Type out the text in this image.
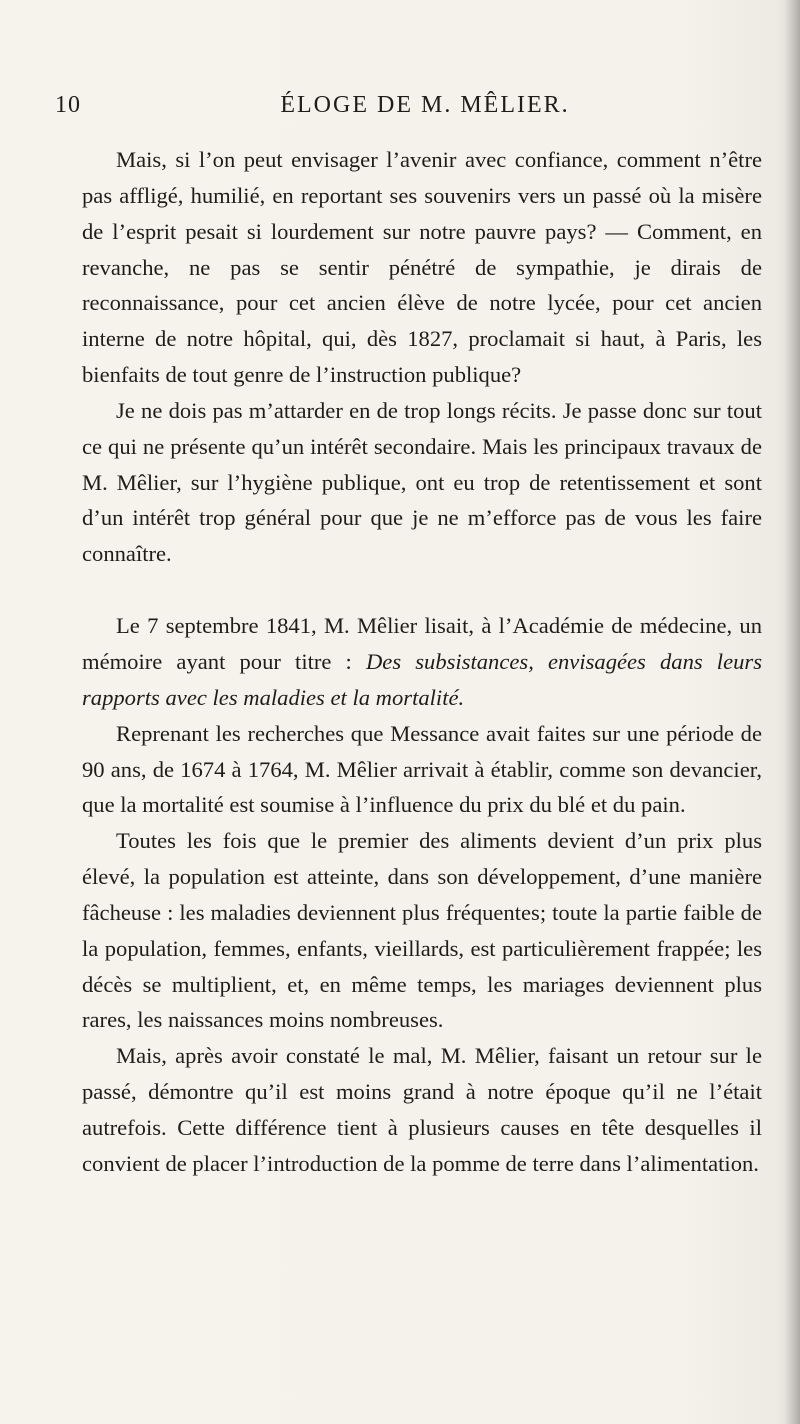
10	ÉLOGE DE M. MÊLIER.

Mais, si l’on peut envisager l’avenir avec confiance, comment n’être pas affligé, humilié, en reportant ses souvenirs vers un passé où la misère de l’esprit pesait si lourdement sur notre pauvre pays? — Comment, en revanche, ne pas se sentir pénétré de sympathie, je dirais de reconnaissance, pour cet ancien élève de notre lycée, pour cet ancien interne de notre hôpital, qui, dès 1827, proclamait si haut, à Paris, les bienfaits de tout genre de l’instruction publique?

Je ne dois pas m’attarder en de trop longs récits. Je passe donc sur tout ce qui ne présente qu’un intérêt secondaire. Mais les principaux travaux de M. Mêlier, sur l’hygiène publique, ont eu trop de retentissement et sont d’un intérêt trop général pour que je ne m’efforce pas de vous les faire connaître.

Le 7 septembre 1841, M. Mêlier lisait, à l’Académie de médecine, un mémoire ayant pour titre : Des subsistances, envisagées dans leurs rapports avec les maladies et la mortalité.

Reprenant les recherches que Messance avait faites sur une période de 90 ans, de 1674 à 1764, M. Mêlier arrivait à établir, comme son devancier, que la mortalité est soumise à l’influence du prix du blé et du pain.

Toutes les fois que le premier des aliments devient d’un prix plus élevé, la population est atteinte, dans son développement, d’une manière fâcheuse : les maladies deviennent plus fréquentes; toute la partie faible de la population, femmes, enfants, vieillards, est particulièrement frappée; les décès se multiplient, et, en même temps, les mariages deviennent plus rares, les naissances moins nombreuses.

Mais, après avoir constaté le mal, M. Mêlier, faisant un retour sur le passé, démontre qu’il est moins grand à notre époque qu’il ne l’était autrefois. Cette différence tient à plusieurs causes en tête desquelles il convient de placer l’introduction de la pomme de terre dans l’alimentation.
